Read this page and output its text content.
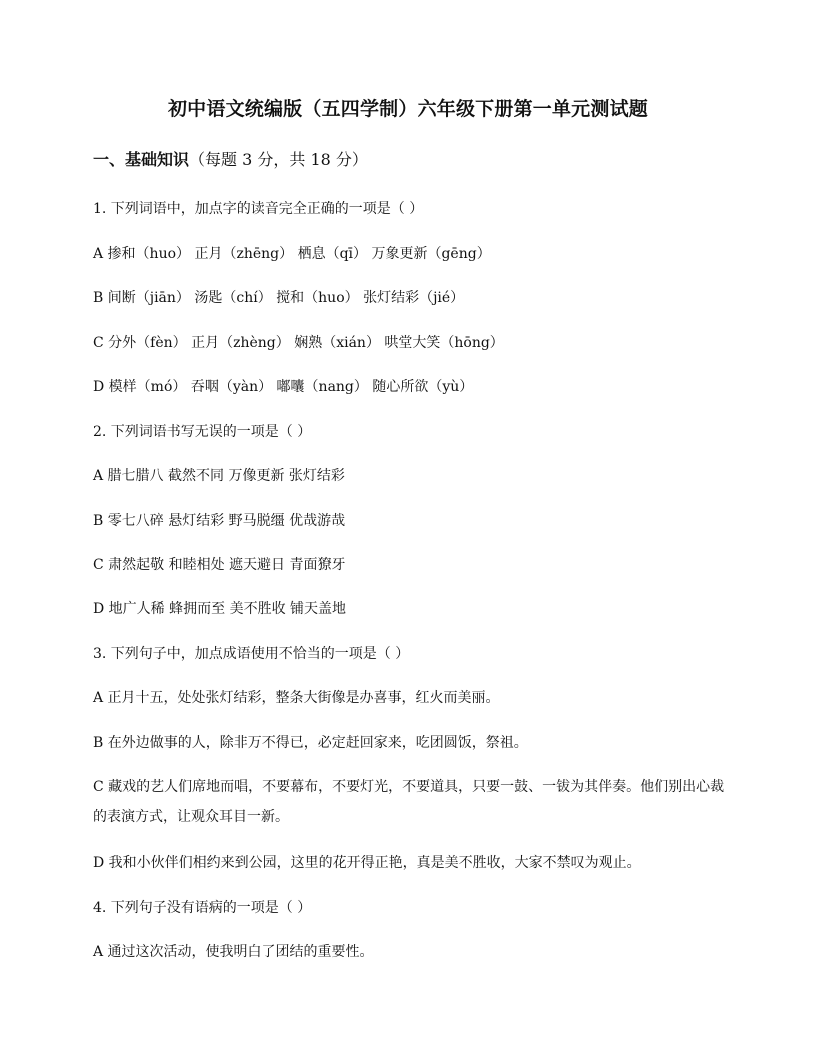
初中语文统编版（五四学制）六年级下册第一单元测试题
一、基础知识（每题 3 分，共 18 分）
1. 下列词语中，加点字的读音完全正确的一项是（ ）
A 掺和（huo） 正月（zhēng） 栖息（qī） 万象更新（gēng）
B 间断（jiān） 汤匙（chí） 搅和（huo） 张灯结彩（jié）
C 分外（fèn） 正月（zhèng） 娴熟（xián） 哄堂大笑（hōng）
D 模样（mó） 吞咽（yàn） 嘟囔（nang） 随心所欲（yù）
2. 下列词语书写无误的一项是（ ）
A 腊七腊八 截然不同 万像更新 张灯结彩
B 零七八碎 悬灯结彩 野马脱缰 优哉游哉
C 肃然起敬 和睦相处 遮天避日 青面獠牙
D 地广人稀 蜂拥而至 美不胜收 铺天盖地
3. 下列句子中，加点成语使用不恰当的一项是（ ）
A 正月十五，处处张灯结彩，整条大街像是办喜事，红火而美丽。
B 在外边做事的人，除非万不得已，必定赶回家来，吃团圆饭，祭祖。
C 藏戏的艺人们席地而唱，不要幕布，不要灯光，不要道具，只要一鼓、一钹为其伴奏。他们别出心裁的表演方式，让观众耳目一新。
D 我和小伙伴们相约来到公园，这里的花开得正艳，真是美不胜收，大家不禁叹为观止。
4. 下列句子没有语病的一项是（ ）
A 通过这次活动，使我明白了团结的重要性。
